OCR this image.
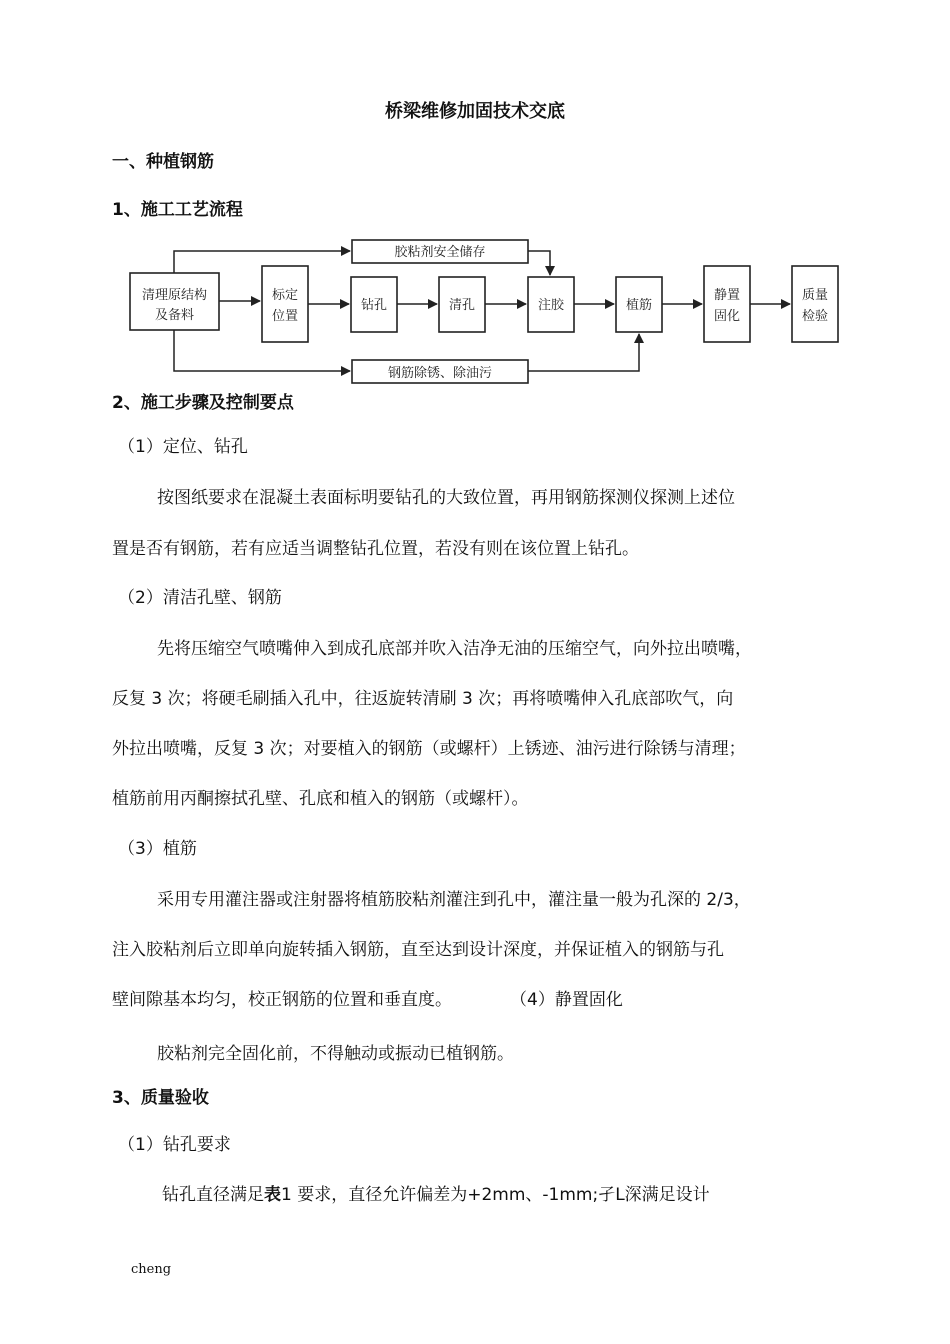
桥梁维修加固技术交底
一、种植钢筋
1、施工工艺流程
清理原结构
及备料
标定
位置
钻孔	清孔	注胶	植筋
静置
固化
质量
检验
胶粘剂安全储存
钢筋除锈、除油污
2、施工步骤及控制要点
（1）定位、钻孔
按图纸要求在混凝土表面标明要钻孔的大致位置，再用钢筋探测仪探测上述位
置是否有钢筋，若有应适当调整钻孔位置，若没有则在该位置上钻孔。
（2）清洁孔壁、钢筋
先将压缩空气喷嘴伸入到成孔底部并吹入洁净无油的压缩空气，向外拉出喷嘴，
反复 3 次；将硬毛刷插入孔中，往返旋转清刷 3 次；再将喷嘴伸入孔底部吹气，向
外拉出喷嘴，反复 3 次；对要植入的钢筋（或螺杆）上锈迹、油污进行除锈与清理；
植筋前用丙酮擦拭孔壁、孔底和植入的钢筋（或螺杆）。
（3）植筋
采用专用灌注器或注射器将植筋胶粘剂灌注到孔中，灌注量一般为孔深的 2/3，
注入胶粘剂后立即单向旋转插入钢筋，直至达到设计深度，并保证植入的钢筋与孔
壁间隙基本均匀，校正钢筋的位置和垂直度。	（4）静置固化
胶粘剂完全固化前，不得触动或振动已植钢筋。
3、质量验收
（1）钻孔要求
钻孔直径满足表1 要求，直径允许偏差为+2mm、-1mm;孑L深满足设计
cheng
